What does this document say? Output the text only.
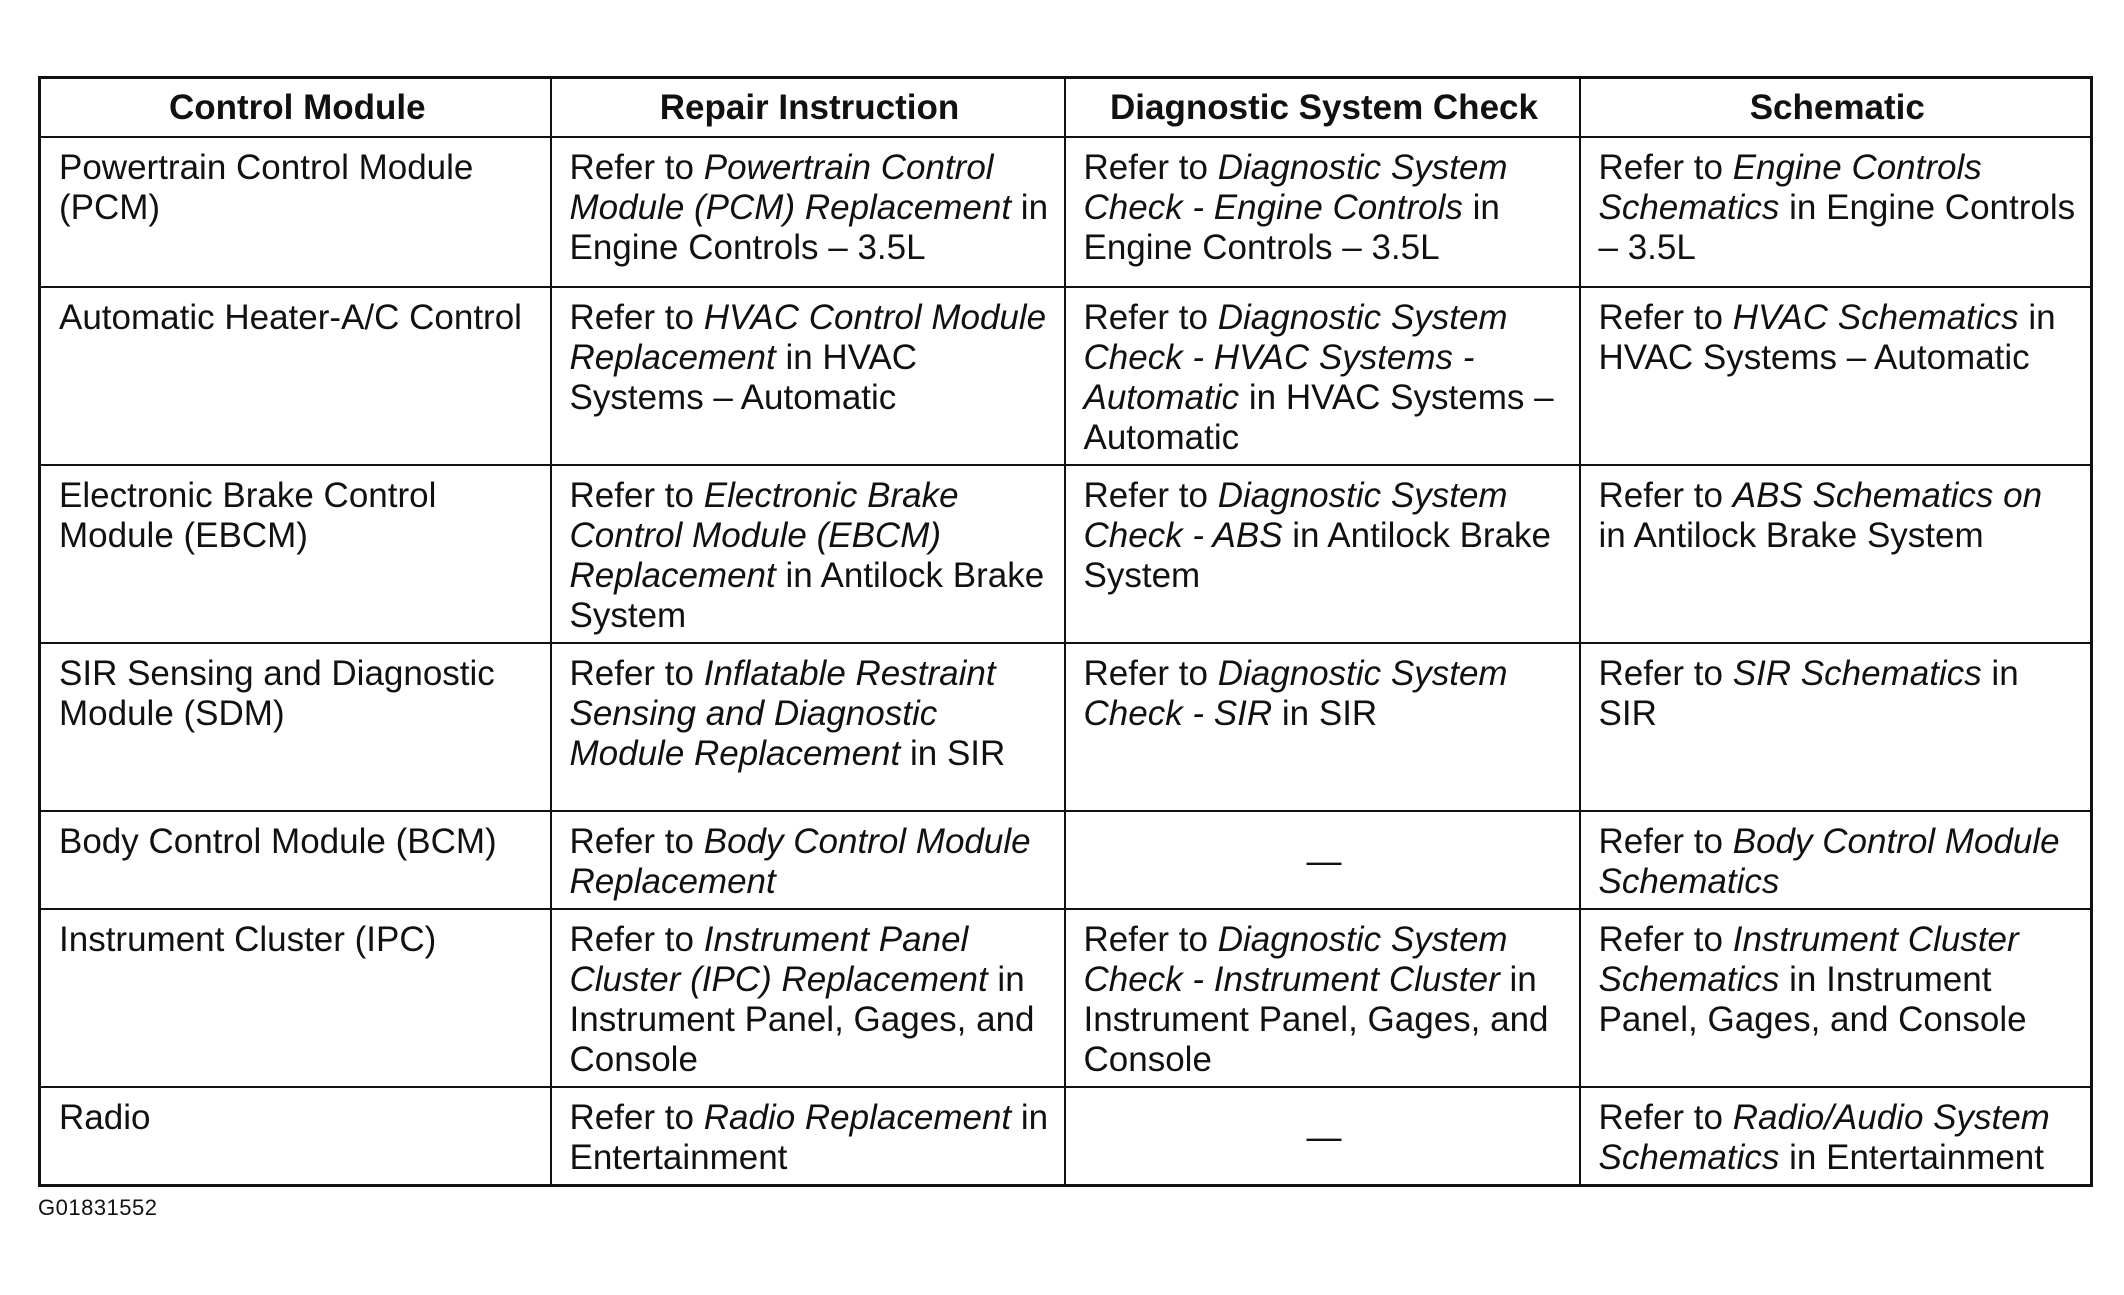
Control Module	Repair Instruction	Diagnostic System Check	Schematic
Powertrain Control Module (PCM)	Refer to Powertrain Control Module (PCM) Replacement in Engine Controls – 3.5L	Refer to Diagnostic System Check - Engine Controls in Engine Controls – 3.5L	Refer to Engine Controls Schematics in Engine Controls – 3.5L
Automatic Heater-A/C Control	Refer to HVAC Control Module Replacement in HVAC Systems – Automatic	Refer to Diagnostic System Check - HVAC Systems - Automatic in HVAC Systems – Automatic	Refer to HVAC Schematics in HVAC Systems – Automatic
Electronic Brake Control Module (EBCM)	Refer to Electronic Brake Control Module (EBCM) Replacement in Antilock Brake System	Refer to Diagnostic System Check - ABS in Antilock Brake System	Refer to ABS Schematics on in Antilock Brake System
SIR Sensing and Diagnostic Module (SDM)	Refer to Inflatable Restraint Sensing and Diagnostic Module Replacement in SIR	Refer to Diagnostic System Check - SIR in SIR	Refer to SIR Schematics in SIR
Body Control Module (BCM)	Refer to Body Control Module Replacement	—	Refer to Body Control Module Schematics
Instrument Cluster (IPC)	Refer to Instrument Panel Cluster (IPC) Replacement in Instrument Panel, Gages, and Console	Refer to Diagnostic System Check - Instrument Cluster in Instrument Panel, Gages, and Console	Refer to Instrument Cluster Schematics in Instrument Panel, Gages, and Console
Radio	Refer to Radio Replacement in Entertainment	—	Refer to Radio/Audio System Schematics in Entertainment
G01831552
